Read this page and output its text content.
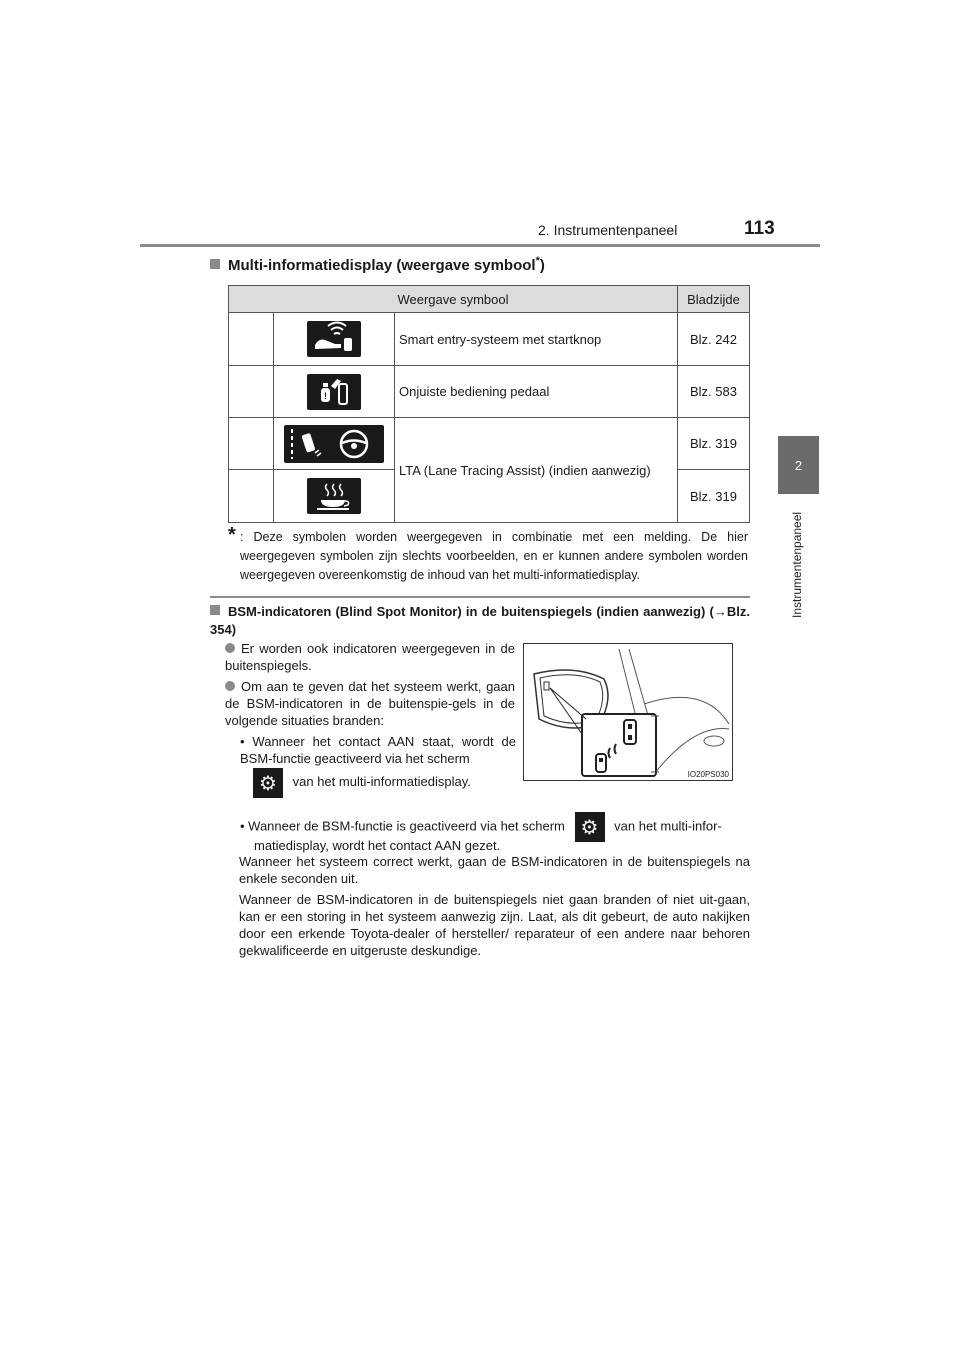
2. Instrumentenpaneel	113
2
Instrumentenpaneel
Multi-informatiedisplay (weergave symbool*)
Weergave symbool			Bladzijde
		Smart entry-systeem met startknop	Blz. 242

!	Onjuiste bediening pedaal	Blz. 583
		LTA (Lane Tracing Assist) (indien aanwezig)	Blz. 319
		Blz. 319
* : Deze symbolen worden weergegeven in combinatie met een melding. De hier weergegeven symbolen zijn slechts voorbeelden, en er kunnen andere symbolen worden weergegeven overeenkomstig de inhoud van het multi-informatiedisplay.
BSM-indicatoren (Blind Spot Monitor) in de buitenspiegels (indien aanwezig) (→Blz. 354)
Er worden ook indicatoren weergegeven in de buitenspiegels.
Om aan te geven dat het systeem werkt, gaan de BSM-indicatoren in de buitenspie-gels in de volgende situaties branden:
• Wanneer het contact AAN staat, wordt de BSM-functie geactiveerd via het scherm
⚙ van het multi-informatiedisplay.
• Wanneer de BSM-functie is geactiveerd via het scherm ⚙ van het multi-infor-
matiedisplay, wordt het contact AAN gezet.
Wanneer het systeem correct werkt, gaan de BSM-indicatoren in de buitenspiegels na enkele seconden uit.
Wanneer de BSM-indicatoren in de buitenspiegels niet gaan branden of niet uit-gaan, kan er een storing in het systeem aanwezig zijn. Laat, als dit gebeurt, de auto nakijken door een erkende Toyota-dealer of hersteller/ reparateur of een andere naar behoren gekwalificeerde en uitgeruste deskundige.
IO20PS030
